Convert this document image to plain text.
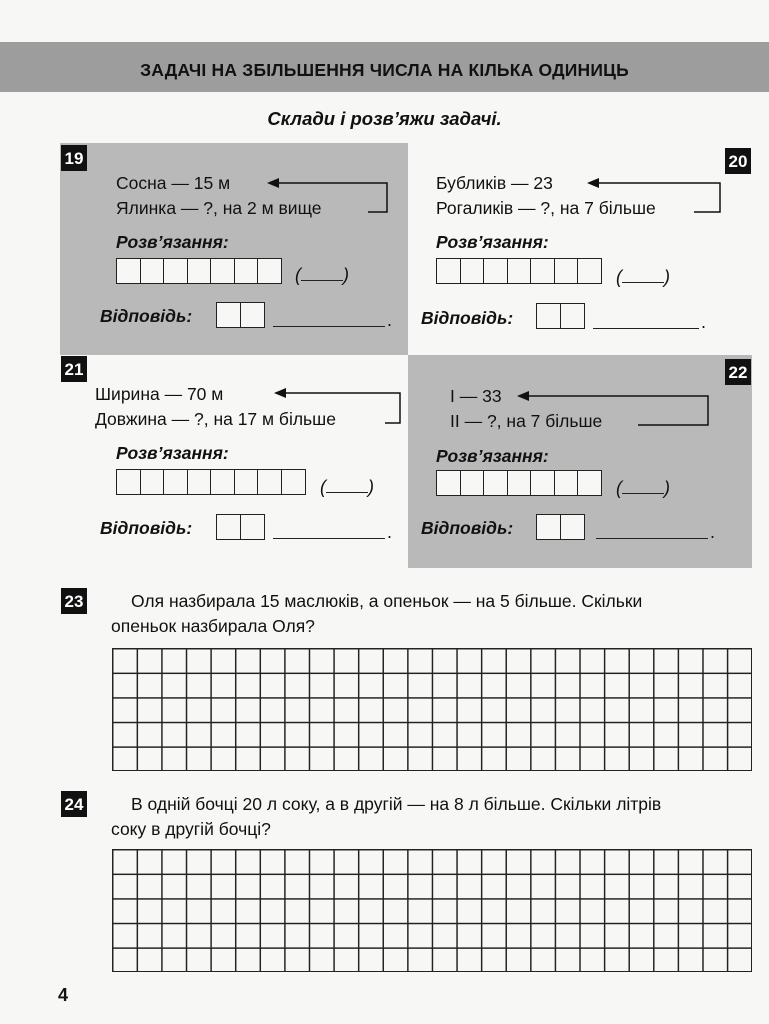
ЗАДАЧІ НА ЗБІЛЬШЕННЯ ЧИСЛА НА КІЛЬКА ОДИНИЦЬ
Склади і розв’яжи задачі.
19
Сосна — 15 м
Ялинка — ?, на 2 м вище
Розв’язання:
( )
Відповідь:	.
20
Бубликів — 23
Рогаликів — ?, на 7 більше
Розв’язання:
( )
Відповідь:	.
21
Ширина — 70 м
Довжина — ?, на 17 м більше
Розв’язання:
( )
Відповідь:	.
22
I — 33
II — ?, на 7 більше
Розв’язання:
( )
Відповідь:	.
23	Оля назбирала 15 маслюків, а опеньок — на 5 більше. Скільки
опеньок назбирала Оля?
24	В одній бочці 20 л соку, а в другій — на 8 л більше. Скільки літрів
соку в другій бочці?
4
